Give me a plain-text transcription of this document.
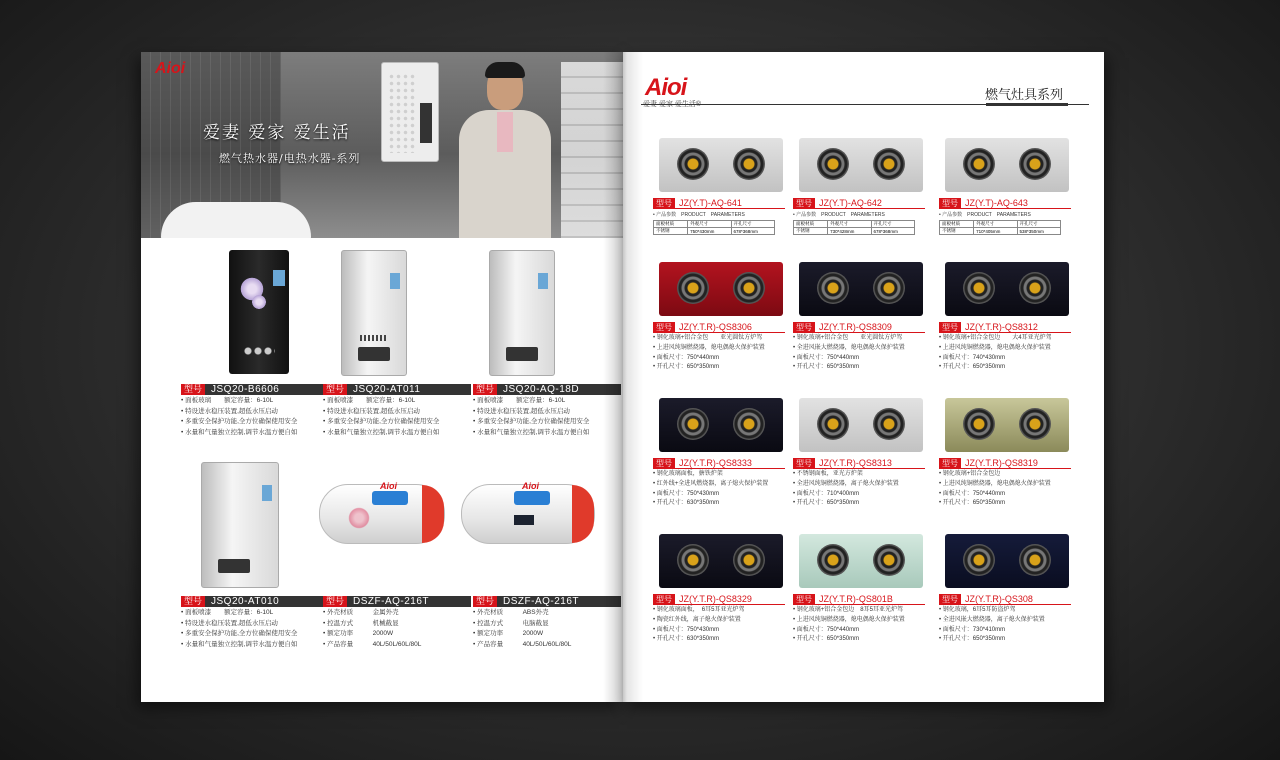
Aioi
爱妻 爱家 爱生活
燃气热水器/电热水器-系列
型号 JSQ20-B6606
• 面板玻璃　　额定容量：6-10L
• 特设进水稳压装置,超低水压启动
• 多重安全保护功能,全方位确保使用安全
• 水量和气量独立控制,调节水温方便自如
型号 JSQ20-AT011
• 面板喷漆　　额定容量：6-10L
• 特设进水稳压装置,超低水压启动
• 多重安全保护功能,全方位确保使用安全
• 水量和气量独立控制,调节水温方便自如
型号 JSQ20-AQ-18D
• 面板喷漆　　额定容量：6-10L
• 特设进水稳压装置,超低水压启动
• 多重安全保护功能,全方位确保使用安全
• 水量和气量独立控制,调节水温方便自如
型号 JSQ20-AT010
• 面板喷漆　　额定容量：6-10L
• 特设进水稳压装置,超低水压启动
• 多重安全保护功能,全方位确保使用安全
• 水量和气量独立控制,调节水温方便自如
Aioi
型号 DSZF-AQ-216T
• 外壳材质　　　金属外壳
• 控温方式　　　机械截显
• 额定功率　　　2000W
• 产品容量　　　40L/50L/60L/80L
Aioi
型号 DSZF-AQ-216T
• 外壳材质　　　ABS外壳
• 控温方式　　　电脑截显
• 额定功率　　　2000W
• 产品容量　　　40L/50L/60L/80L
Aioi	燃气灶具系列
型号 JZ(Y.T)-AQ-641
• 产品参数　PRODUCT　PARAMETERS
面板材质	外观尺寸	开孔尺寸
不锈钢	750*430mm	678*368mm
型号 JZ(Y.T)-AQ-642
• 产品参数　PRODUCT　PARAMETERS
面板材质	外观尺寸	开孔尺寸
不锈钢	730*428mm	678*368mm
型号 JZ(Y.T)-AQ-643
• 产品参数　PRODUCT　PARAMETERS
面板材质	外观尺寸	开孔尺寸
不锈钢	710*405mm	538*350mm
型号 JZ(Y.T.R)-QS8306
• 钢化玻璃+铝合金包　　亚光圆钛方炉驾
• 上进风纯铜燃烧器，熄电偶熄火保护装置
• 面板尺寸：750*440mm
• 开孔尺寸：650*350mm
型号 JZ(Y.T.R)-QS8309
• 钢化玻璃+铝合金包　　亚光圆钛方炉驾
• 全进风嵌大燃烧器，熄电偶熄火保护装置
• 面板尺寸：750*440mm
• 开孔尺寸：650*350mm
型号 JZ(Y.T.R)-QS8312
• 钢化玻璃+铝合金包边　　大4耳亚光炉驾
• 上进风纯铜燃烧器，熄电偶熄火保护装置
• 面板尺寸：740*430mm
• 开孔尺寸：650*350mm
型号 JZ(Y.T.R)-QS8333
• 钢化玻璃面板，搪铁炉架
• 红外线+全进风燃烧器，离子熄火保护装置
• 面板尺寸：750*430mm
• 开孔尺寸：630*350mm
型号 JZ(Y.T.R)-QS8313
• 不锈钢面板，亚光方炉架
• 全进风纯铜燃烧器，离子熄火保护装置
• 面板尺寸：710*400mm
• 开孔尺寸：650*350mm
型号 JZ(Y.T.R)-QS8319
• 钢化玻璃+铝合金包边
• 上进风纯铜燃烧器，熄电偶熄火保护装置
• 面板尺寸：750*440mm
• 开孔尺寸：650*350mm
型号 JZ(Y.T.R)-QS8329
• 钢化玻璃面板，　6耳5耳亚光炉驾
• 陶瓷红外线，离子熄火保护装置
• 面板尺寸：750*430mm
• 开孔尺寸：630*350mm
型号 JZ(Y.T.R)-QS801B
• 钢化玻璃+铝合金包边　8耳5耳亚光炉驾
• 上进风纯铜燃烧器，熄电偶熄火保护装置
• 面板尺寸：750*440mm
• 开孔尺寸：650*350mm
型号 JZ(Y.T.R)-QS308
• 钢化玻璃，6耳5耳防盗炉驾
• 全进风嵌大燃烧器，离子熄火保护装置
• 面板尺寸：730*410mm
• 开孔尺寸：650*350mm
